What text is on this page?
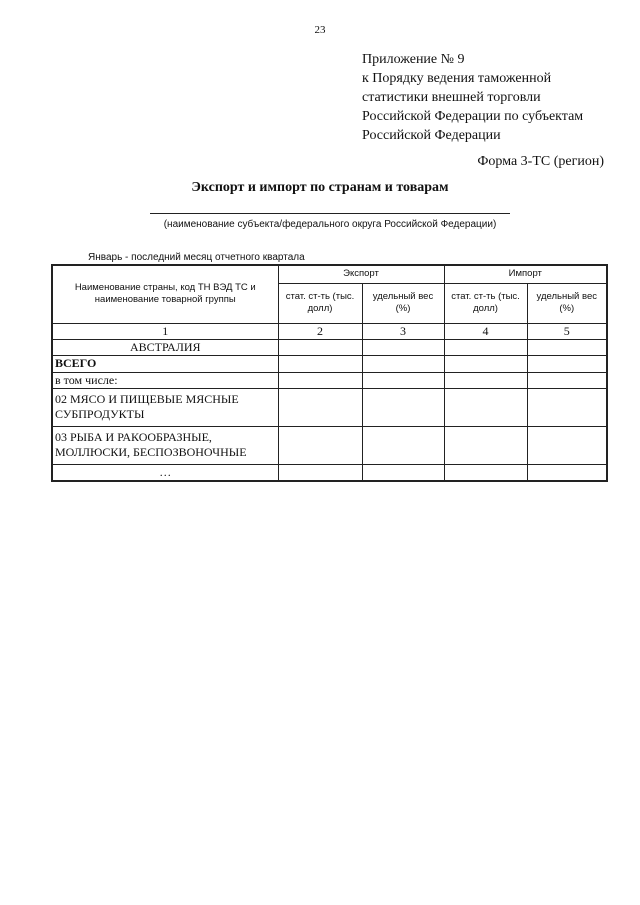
23
Приложение № 9
к Порядку ведения таможенной
статистики внешней торговли
Российской Федерации по субъектам
Российской Федерации
Форма 3-ТС (регион)
Экспорт и импорт по странам и товарам
(наименование субъекта/федерального округа Российской Федерации)
Январь - последний месяц отчетного квартала
Наименование страны, код ТН ВЭД ТС и наименование товарной группы	Экспорт		Импорт	
	стат. ст-ть (тыс. долл)	удельный вес (%)	стат. ст-ть (тыс. долл)	удельный вес (%)
1	2	3	4	5
АВСТРАЛИЯ				
ВСЕГО				
в том числе:				
02 МЯСО И ПИЩЕВЫЕ МЯСНЫЕ СУБПРОДУКТЫ				
03 РЫБА И РАКООБРАЗНЫЕ, МОЛЛЮСКИ, БЕСПОЗВОНОЧНЫЕ				
…				
